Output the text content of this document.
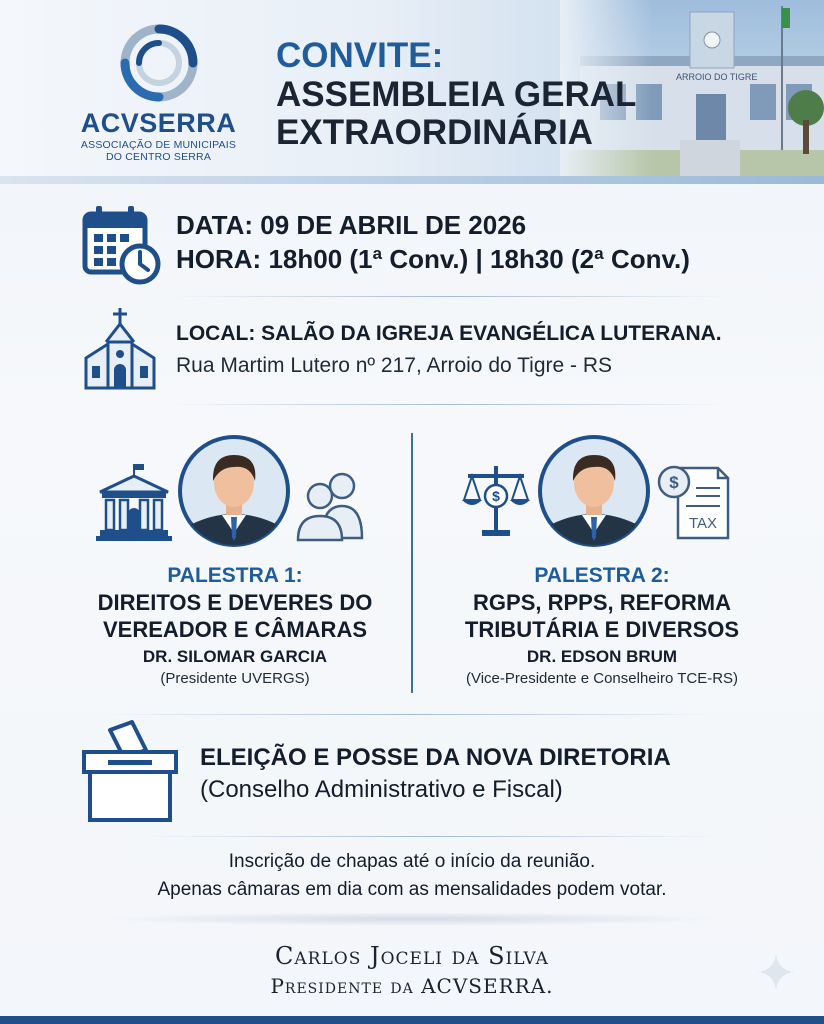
ACVSERRA
ASSOCIAÇÃO DE MUNICIPAIS
DO CENTRO SERRA
CONVITE:
ASSEMBLEIA GERAL
EXTRAORDINÁRIA
DATA: 09 DE ABRIL DE 2026
HORA: 18h00 (1ª Conv.) | 18h30 (2ª Conv.)
LOCAL: SALÃO DA IGREJA EVANGÉLICA LUTERANA.
Rua Martim Lutero nº 217, Arroio do Tigre - RS
$
$
TAX
PALESTRA 1:
DIREITOS E DEVERES DO
VEREADOR E CÂMARAS
DR. SILOMAR GARCIA
(Presidente UVERGS)
PALESTRA 2:
RGPS, RPPS, REFORMA
TRIBUTÁRIA E DIVERSOS
DR. EDSON BRUM
(Vice-Presidente e Conselheiro TCE-RS)
ELEIÇÃO E POSSE DA NOVA DIRETORIA
(Conselho Administrativo e Fiscal)
Inscrição de chapas até o início da reunião.
Apenas câmaras em dia com as mensalidades podem votar.
Carlos Joceli da Silva
Presidente da ACVSERRA.
